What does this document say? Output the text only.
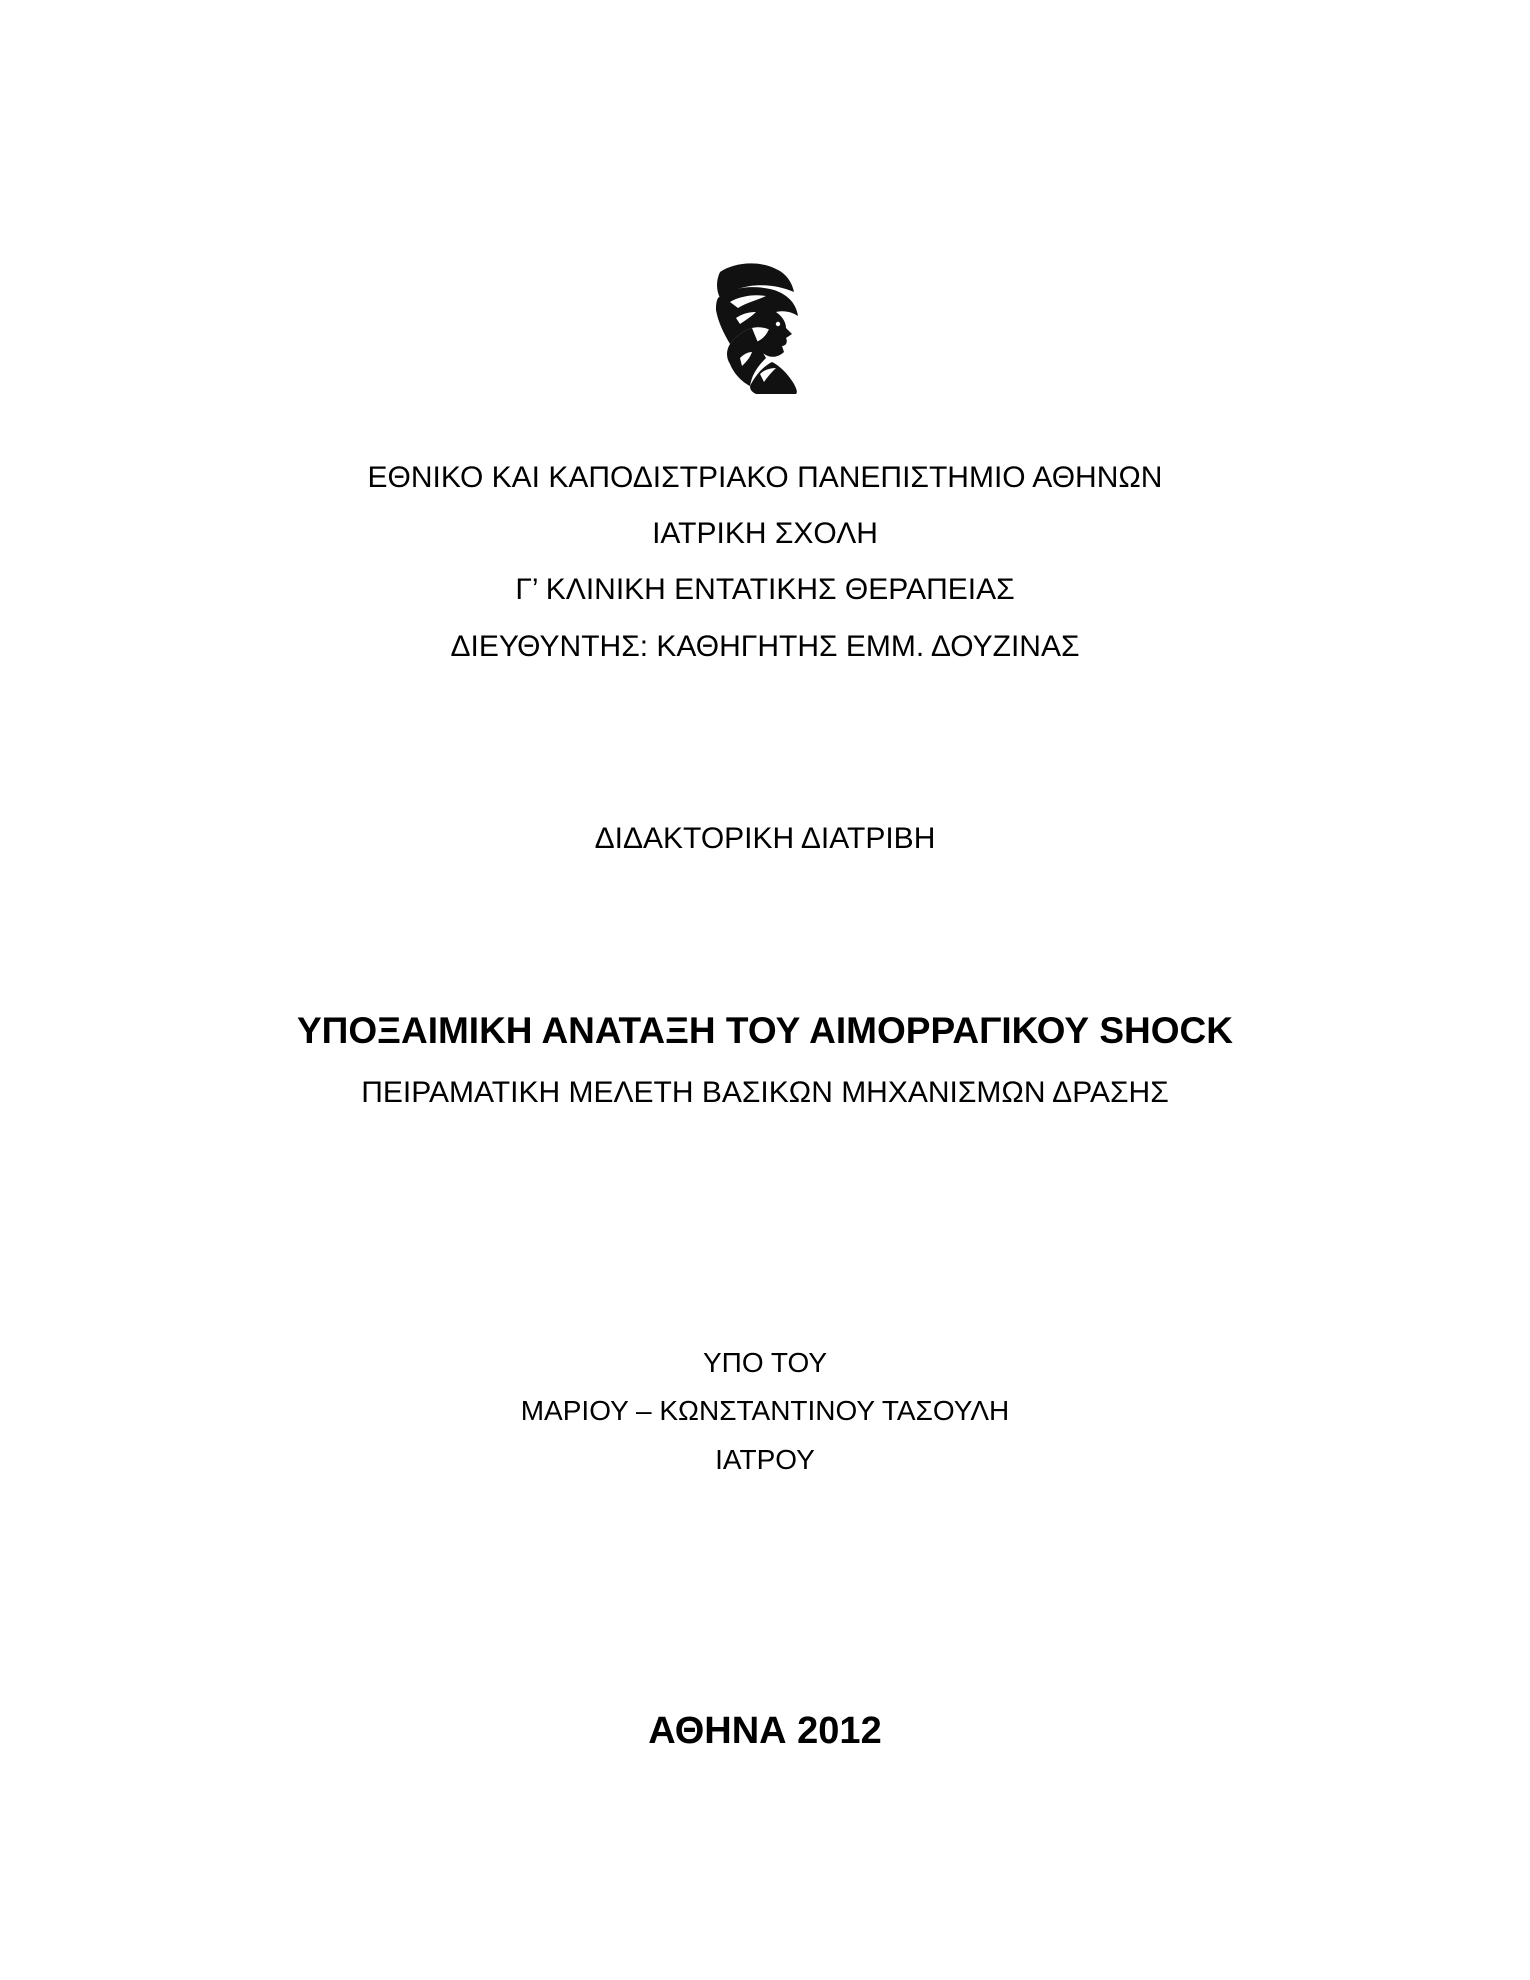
ΕΘΝΙΚΟ ΚΑΙ ΚΑΠΟΔΙΣΤΡΙΑΚΟ ΠΑΝΕΠΙΣΤΗΜΙΟ ΑΘΗΝΩΝ
ΙΑΤΡΙΚΗ ΣΧΟΛΗ
Γ’ ΚΛΙΝΙΚΗ ΕΝΤΑΤΙΚΗΣ ΘΕΡΑΠΕΙΑΣ
ΔΙΕΥΘΥΝΤΗΣ: ΚΑΘΗΓΗΤΗΣ ΕΜΜ. ΔΟΥΖΙΝΑΣ
ΔΙΔΑΚΤΟΡΙΚΗ ΔΙΑΤΡΙΒΗ
ΥΠΟΞΑΙΜΙΚΗ ΑΝΑΤΑΞΗ ΤΟΥ ΑΙΜΟΡΡΑΓΙΚΟΥ SHOCK
ΠΕΙΡΑΜΑΤΙΚΗ ΜΕΛΕΤΗ ΒΑΣΙΚΩΝ ΜΗΧΑΝΙΣΜΩΝ ΔΡΑΣΗΣ
ΥΠΟ ΤΟΥ
ΜΑΡΙΟΥ – ΚΩΝΣΤΑΝΤΙΝΟΥ ΤΑΣΟΥΛΗ
ΙΑΤΡΟΥ
ΑΘΗΝΑ 2012
